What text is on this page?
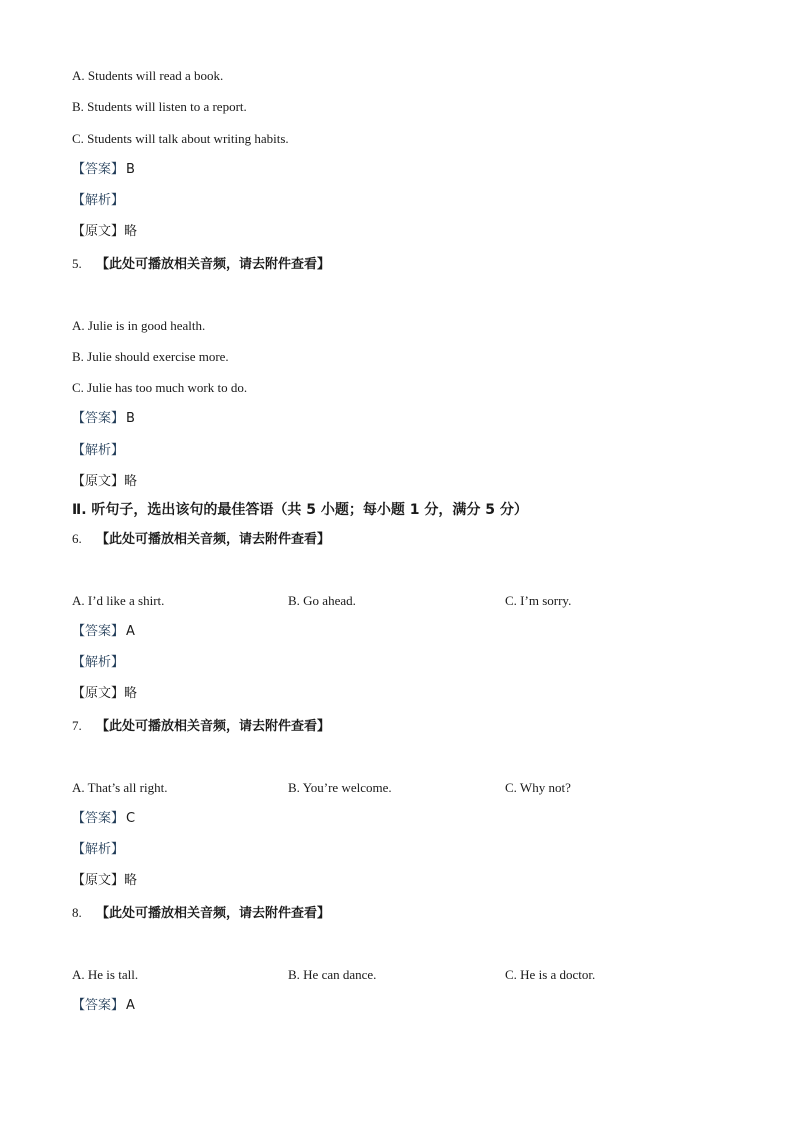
A. Students will read a book.
B. Students will listen to a report.
C. Students will talk about writing habits.
【答案】 B
【解析】
【原文】略
5. 【此处可播放相关音频，请去附件查看】
A. Julie is in good health.
B. Julie should exercise more.
C. Julie has too much work to do.
【答案】 B
【解析】
【原文】略
Ⅱ. 听句子，选出该句的最佳答语（共 5 小题；每小题 1 分，满分 5 分）
6. 【此处可播放相关音频，请去附件查看】
A. I’d like a shirt.	B. Go ahead.	C. I’m sorry.
【答案】 A
【解析】
【原文】略
7. 【此处可播放相关音频，请去附件查看】
A. That’s all right.	B. You’re welcome.	C. Why not?
【答案】 C
【解析】
【原文】略
8. 【此处可播放相关音频，请去附件查看】
A. He is tall.	B. He can dance.	C. He is a doctor.
【答案】 A
